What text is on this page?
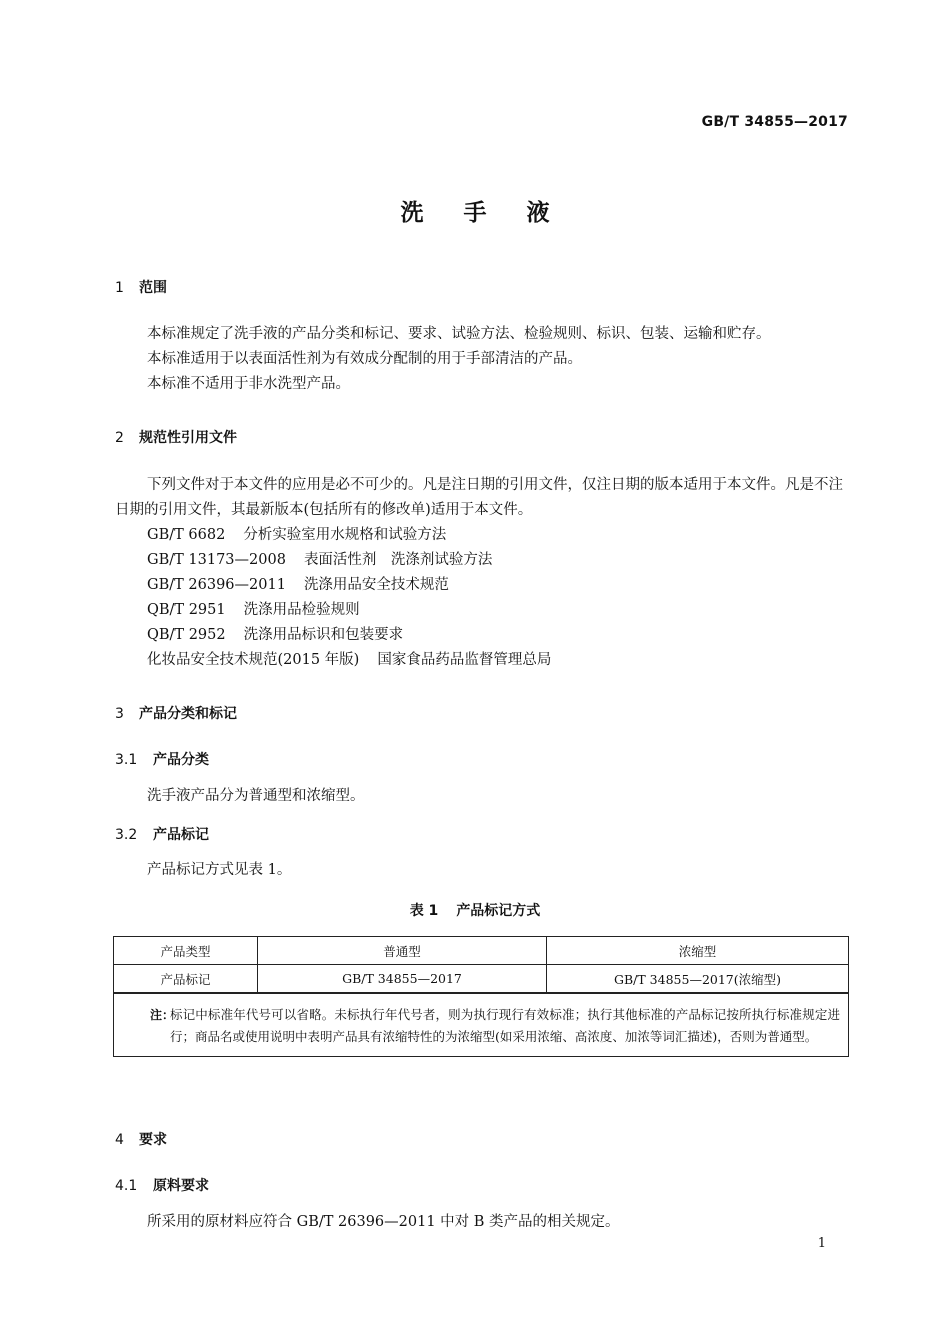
GB/T 34855—2017
洗手液
1 范围
本标准规定了洗手液的产品分类和标记、要求、试验方法、检验规则、标识、包装、运输和贮存。
本标准适用于以表面活性剂为有效成分配制的用于手部清洁的产品。
本标准不适用于非水洗型产品。
2 规范性引用文件
下列文件对于本文件的应用是必不可少的。凡是注日期的引用文件，仅注日期的版本适用于本文件。凡是不注日期的引用文件，其最新版本(包括所有的修改单)适用于本文件。
GB/T 6682 分析实验室用水规格和试验方法
GB/T 13173—2008 表面活性剂　洗涤剂试验方法
GB/T 26396—2011 洗涤用品安全技术规范
QB/T 2951 洗涤用品检验规则
QB/T 2952 洗涤用品标识和包装要求
化妆品安全技术规范(2015 年版) 国家食品药品监督管理总局
3 产品分类和标记
3.1 产品分类
洗手液产品分为普通型和浓缩型。
3.2 产品标记
产品标记方式见表 1。
表 1 产品标记方式
产品类型	普通型	浓缩型
产品标记	GB/T 34855—2017	GB/T 34855—2017(浓缩型)
注：
标记中标准年代号可以省略。未标执行年代号者，则为执行现行有效标准；执行其他标准的产品标记按所执行标准规定进行；商品名或使用说明中表明产品具有浓缩特性的为浓缩型(如采用浓缩、高浓度、加浓等词汇描述)，否则为普通型。
4 要求
4.1 原料要求
所采用的原材料应符合 GB/T 26396—2011 中对 B 类产品的相关规定。
1
